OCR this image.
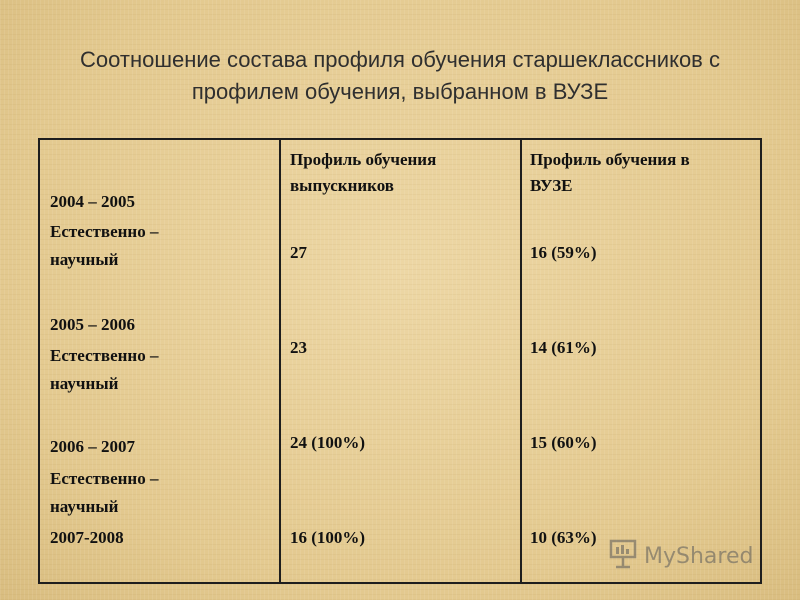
Соотношение состава профиля обучения старшеклассников с
профилем обучения, выбранном в ВУЗЕ
2004 – 2005
Естественно –
научный
2005 – 2006
Естественно –
научный
2006 – 2007
Естественно –
научный
2007-2008
Профиль обучения
выпускников
27
23
24 (100%)
16 (100%)
Профиль обучения в
ВУЗЕ
16 (59%)
14 (61%)
15 (60%)
10 (63%)
MyShared
